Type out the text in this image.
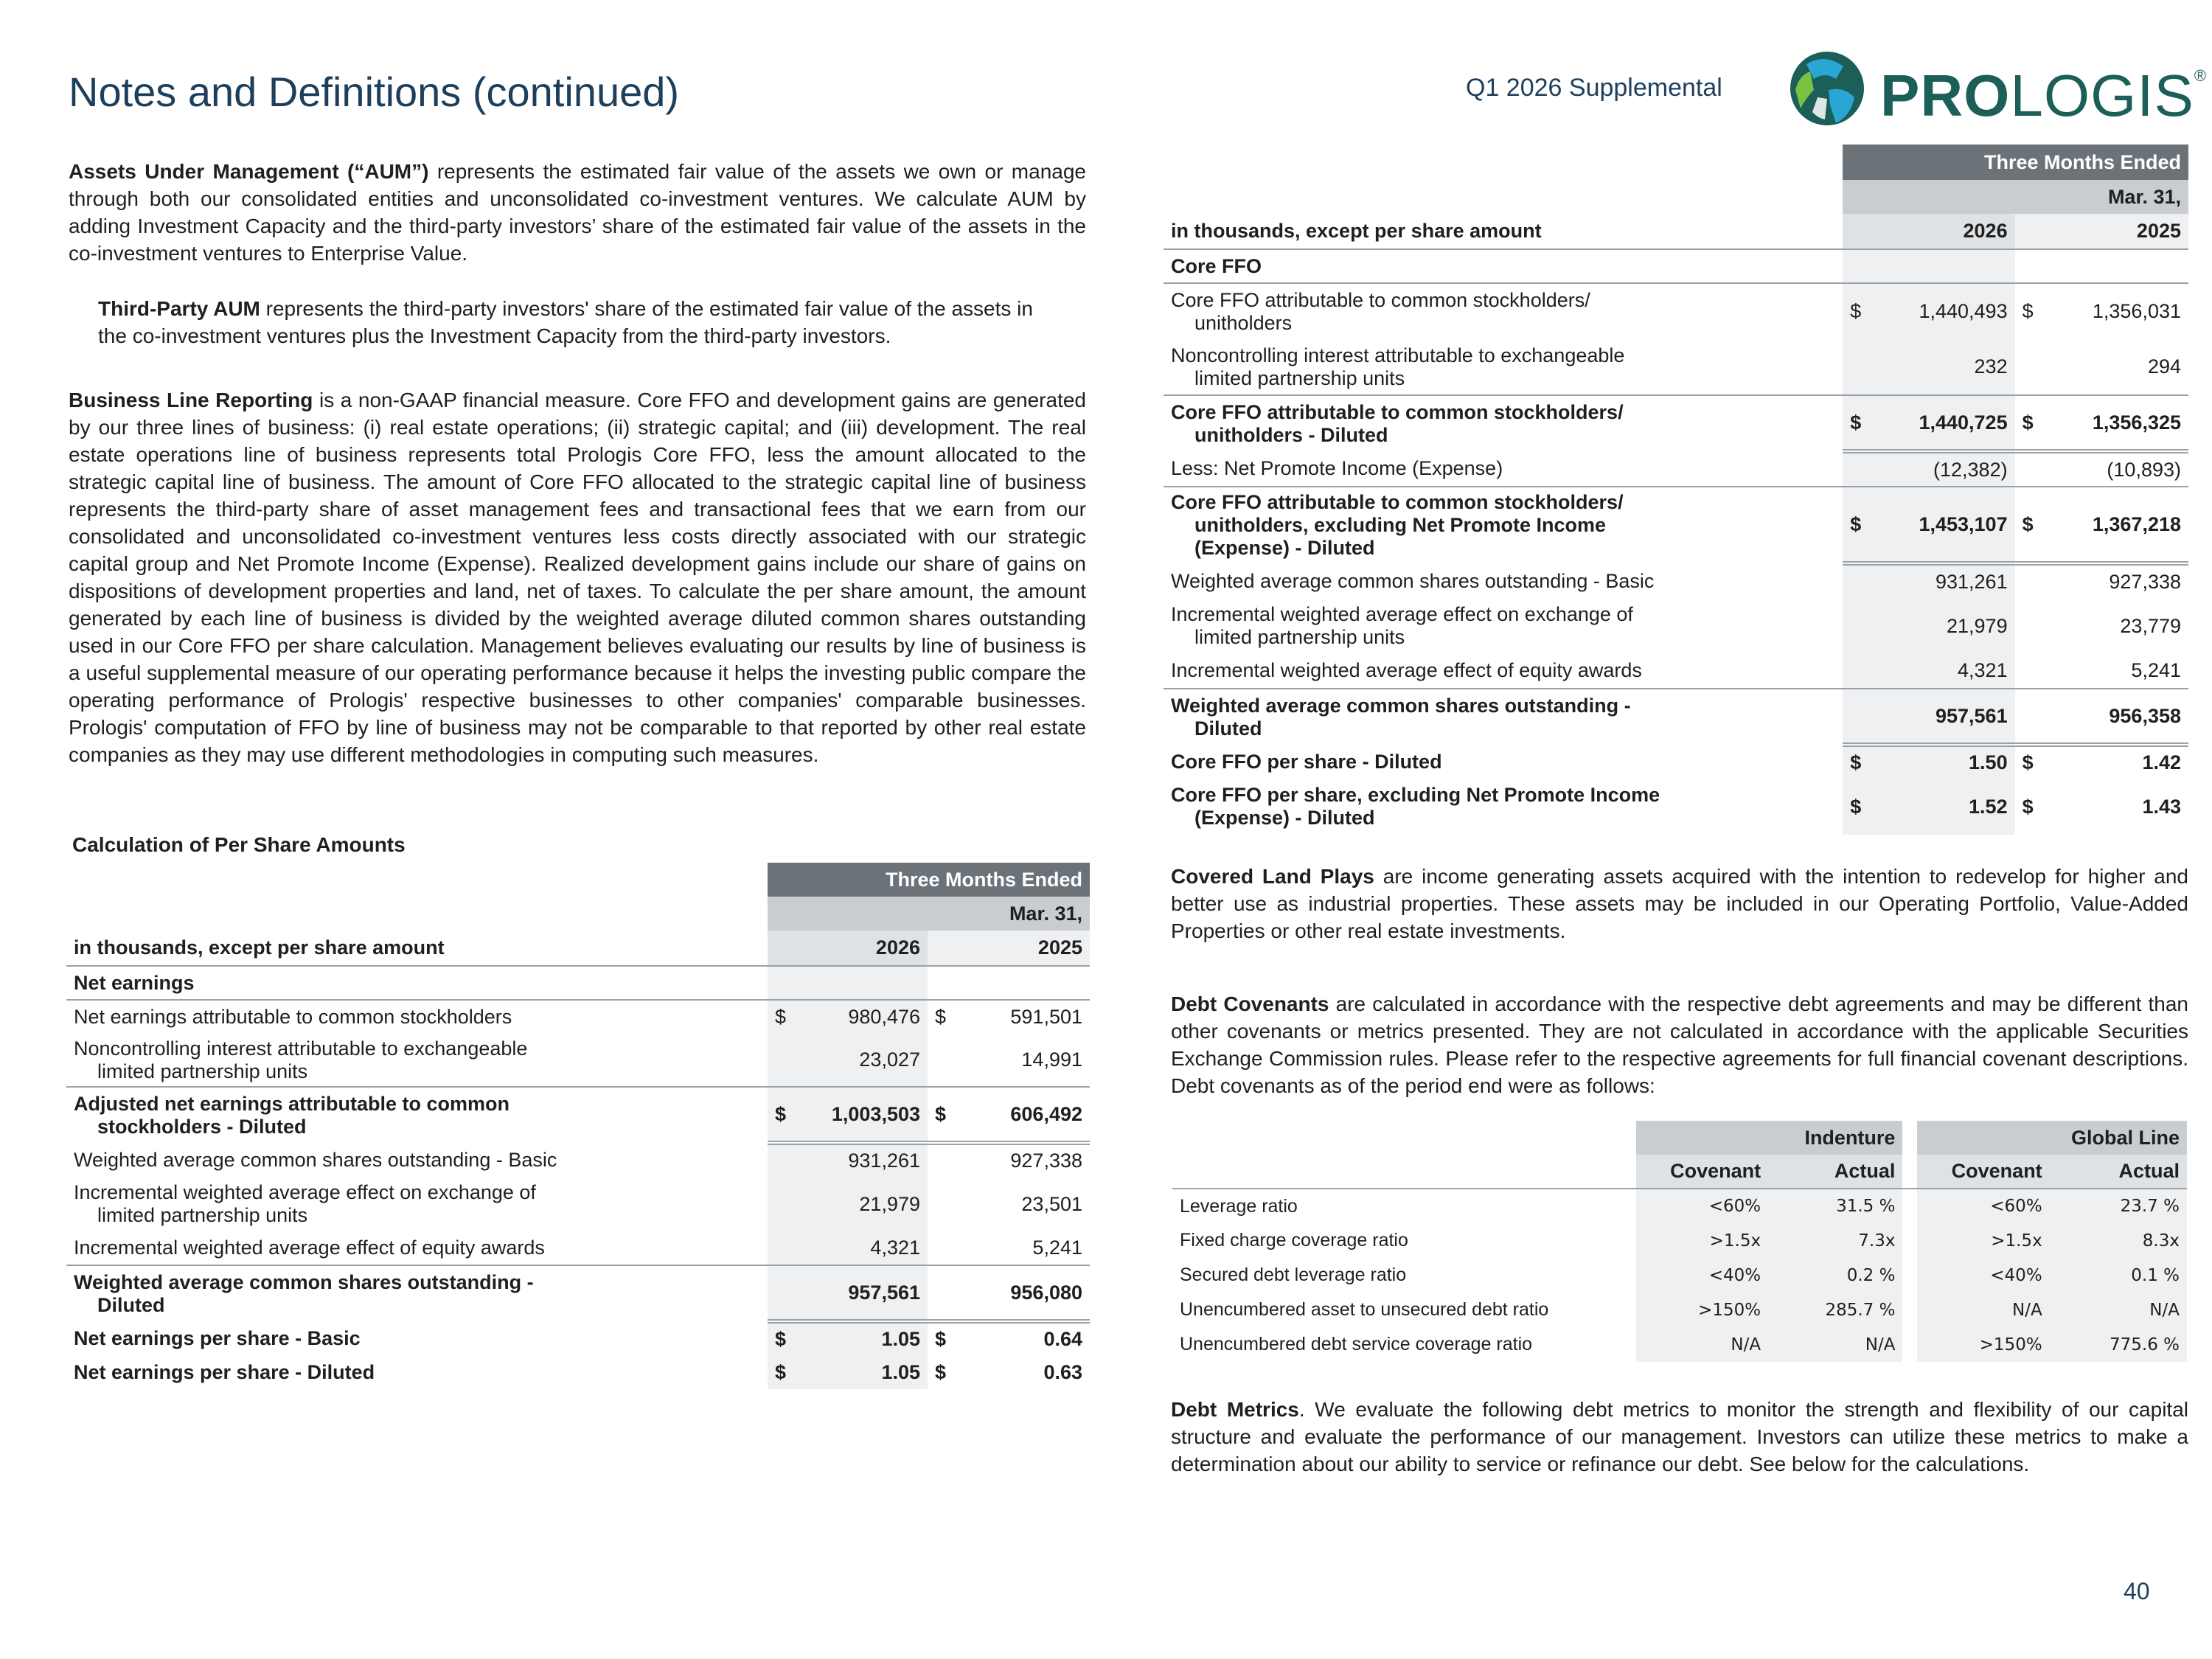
Notes and Definitions (continued)	Q1 2026 Supplemental	PROLOGIS®
Assets Under Management (“AUM”) represents the estimated fair value of the assets we own or manage through both our consolidated entities and unconsolidated co-investment ventures. We calculate AUM by adding Investment Capacity and the third-party investors’ share of the estimated fair value of the assets in the co-investment ventures to Enterprise Value.
Third-Party AUM represents the third-party investors' share of the estimated fair value of the assets in the co-investment ventures plus the Investment Capacity from the third-party investors.
Business Line Reporting is a non-GAAP financial measure. Core FFO and development gains are generated by our three lines of business: (i) real estate operations; (ii) strategic capital; and (iii) development. The real estate operations line of business represents total Prologis Core FFO, less the amount allocated to the strategic capital line of business. The amount of Core FFO allocated to the strategic capital line of business represents the third-party share of asset management fees and transactional fees that we earn from our consolidated and unconsolidated co-investment ventures less costs directly associated with our strategic capital group and Net Promote Income (Expense). Realized development gains include our share of gains on dispositions of development properties and land, net of taxes. To calculate the per share amount, the amount generated by each line of business is divided by the weighted average diluted common shares outstanding used in our Core FFO per share calculation. Management believes evaluating our results by line of business is a useful supplemental measure of our operating performance because it helps the investing public compare the operating performance of Prologis' respective businesses to other companies' comparable businesses. Prologis' computation of FFO by line of business may not be comparable to that reported by other real estate companies as they may use different methodologies in computing such measures.
Calculation of Per Share Amounts
	Three Months Ended	
	Mar. 31,	
in thousands, except per share amount	2026	2025
Net earnings		
Net earnings attributable to common stockholders	$ 980,476	$ 591,501
Noncontrolling interest attributable to exchangeable
limited partnership units	23,027	14,991
Adjusted net earnings attributable to common
stockholders - Diluted	$ 1,003,503	$ 606,492
Weighted average common shares outstanding - Basic	931,261	927,338
Incremental weighted average effect on exchange of
limited partnership units	21,979	23,501
Incremental weighted average effect of equity awards	4,321	5,241
Weighted average common shares outstanding -
Diluted	957,561	956,080
Net earnings per share - Basic	$ 1.05	$ 0.64
Net earnings per share - Diluted	$ 1.05	$ 0.63
	Three Months Ended	
	Mar. 31,	
in thousands, except per share amount	2026	2025
Core FFO		
Core FFO attributable to common stockholders/
unitholders	$ 1,440,493	$ 1,356,031
Noncontrolling interest attributable to exchangeable
limited partnership units	232	294
Core FFO attributable to common stockholders/
unitholders - Diluted	$ 1,440,725	$ 1,356,325
Less: Net Promote Income (Expense)	(12,382)	(10,893)
Core FFO attributable to common stockholders/
unitholders, excluding Net Promote Income
(Expense) - Diluted	$ 1,453,107	$ 1,367,218
Weighted average common shares outstanding - Basic	931,261	927,338
Incremental weighted average effect on exchange of
limited partnership units	21,979	23,779
Incremental weighted average effect of equity awards	4,321	5,241
Weighted average common shares outstanding -
Diluted	957,561	956,358
Core FFO per share - Diluted	$ 1.50	$ 1.42
Core FFO per share, excluding Net Promote Income
(Expense) - Diluted	$ 1.52	$ 1.43
Covered Land Plays are income generating assets acquired with the intention to redevelop for higher and better use as industrial properties. These assets may be included in our Operating Portfolio, Value-Added Properties or other real estate investments.
Debt Covenants are calculated in accordance with the respective debt agreements and may be different than other covenants or metrics presented. They are not calculated in accordance with the applicable Securities Exchange Commission rules. Please refer to the respective agreements for full financial covenant descriptions. Debt covenants as of the period end were as follows:
	Indenture			Global Line	
	Covenant	Actual		Covenant	Actual
Leverage ratio	<60%	31.5 %		<60%	23.7 %
Fixed charge coverage ratio	>1.5x	7.3x		>1.5x	8.3x
Secured debt leverage ratio	<40%	0.2 %		<40%	0.1 %
Unencumbered asset to unsecured debt ratio	>150%	285.7 %		N/A	N/A
Unencumbered debt service coverage ratio	N/A	N/A		>150%	775.6 %
Debt Metrics. We evaluate the following debt metrics to monitor the strength and flexibility of our capital structure and evaluate the performance of our management. Investors can utilize these metrics to make a determination about our ability to service or refinance our debt. See below for the calculations.
40
